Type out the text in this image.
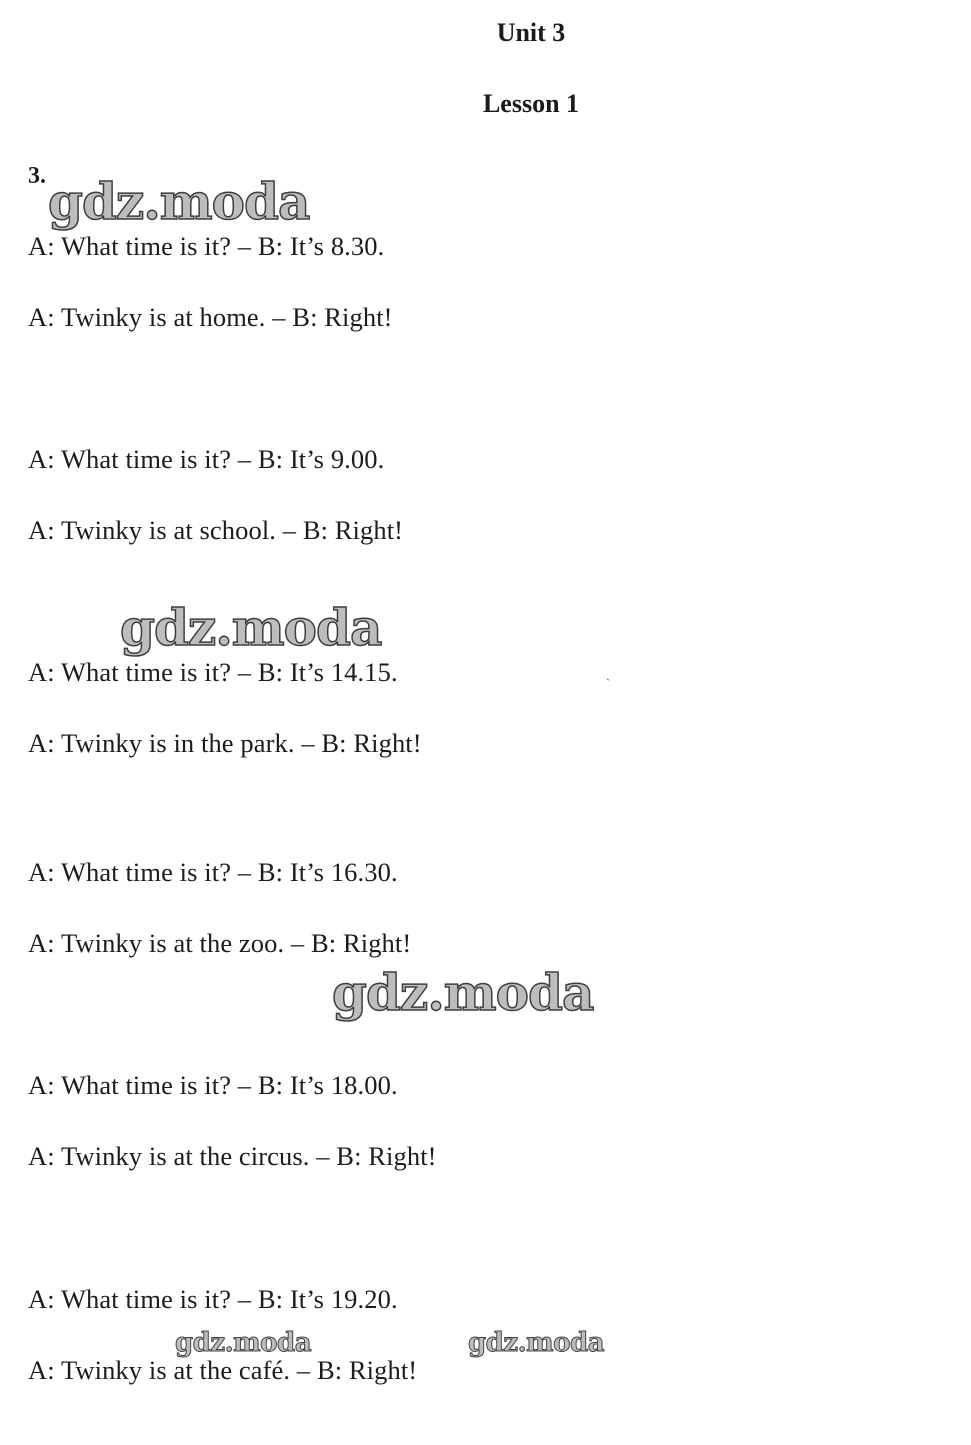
Unit 3
Lesson 1
3.
A: What time is it? – B: It’s 8.30.
A: Twinky is at home. – B: Right!
A: What time is it? – B: It’s 9.00.
A: Twinky is at school. – B: Right!
A: What time is it? – B: It’s 14.15.
A: Twinky is in the park. – B: Right!
A: What time is it? – B: It’s 16.30.
A: Twinky is at the zoo. – B: Right!
A: What time is it? – B: It’s 18.00.
A: Twinky is at the circus. – B: Right!
A: What time is it? – B: It’s 19.20.
A: Twinky is at the café. – B: Right!
gdz.moda
gdz.moda
gdz.moda
gdz.moda	gdz.moda
ˎ
